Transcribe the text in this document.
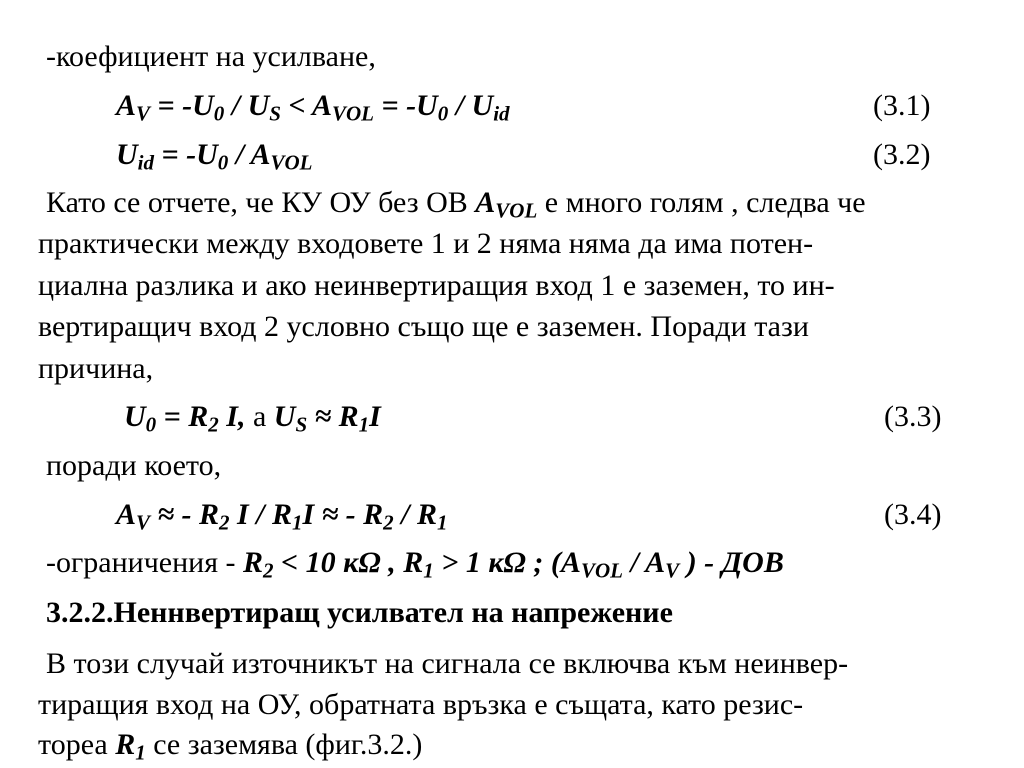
-коефициент на усилване,
$A_V = -U_0 / U_S < A_{VOL} = -U_0 / U_{id}$	(3.1)
$U_{id} = -U_0 / A_{VOL}$	(3.2)
Като се отчете, че КУ ОУ без ОВ $A_{VOL}$ е много голям , следва че
практически между входовете 1 и 2 няма няма да има потен-
циална разлика и ако неинвертиращия вход 1 е заземен, то ин-
вертиращич вход 2 условно също ще е заземен. Поради тази
причина,
$U_0 = R_2$ I, а $U_S \approx R_1I$	(3.3)
поради което,
$A_V$ ≈ - $R_2$ I / $R_1I$ ≈ - $R_2 / R_1$	(3.4)
-ограничения - $R_2 < 10$ кΩ , $R_1 > 1$ кΩ ; ($A_{VOL} / A_V$ ) - ДОВ
3.2.2.Неннвертиращ усилвател на напрежение
В този случай източникът на сигнала се включва към неинвер-
тиращия вход на ОУ, обратната връзка е същата, като резис-
тореа $R_1$ се заземява (фиг.3.2.)
